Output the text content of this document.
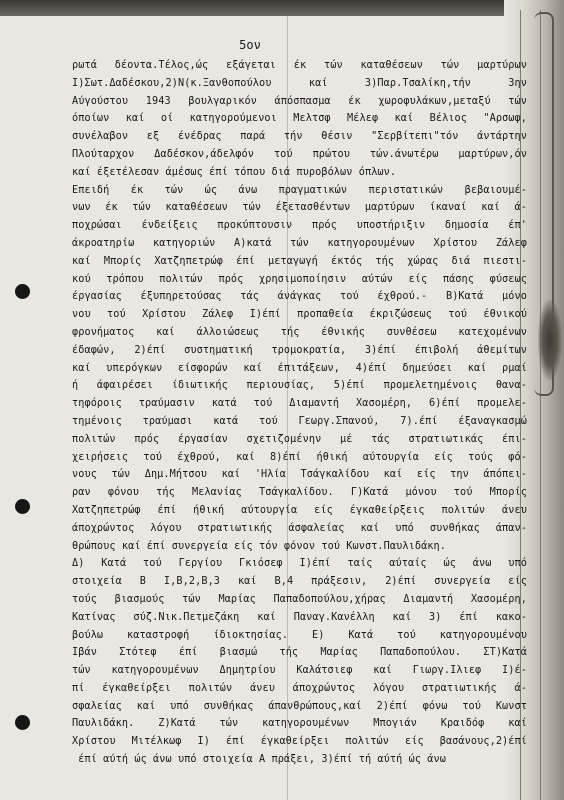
5ον
ρωτά δέοντα.Τέλος,ώς εξάγεται έκ τών καταθέσεων τών μαρτύρων
Ι)Σωτ.Δαδέσκου,2)Ν(κ.Ξανθοπούλου καί 3)Παρ.Τσαλίκη,τήν 3ην
Αύγούστου 1943 βουλγαρικόν άπόσπασμα έκ χωροφυλάκων,μεταξύ τών
όποίων καί οί κατηγορούμενοι Μελτσφ Μέλεφ καί Βέλιος "Αρσωφ,
συνέλαβον εξ ένέδρας παρά τήν θέσιν "Σερβίτεπι"τόν άντάρτην
Πλούταρχον Δαδέσκον,άδελφόν τού πρώτου τών.άνωτέρω μαρτύρων,όν
καί έξετέλεσαν άμέσως έπί τόπου διά πυροβόλων όπλων.
Επειδή έκ τών ώς άνω πραγματικών περιστατικών βεβαιουμέ-
νων έκ τών καταθέσεων τών έξετασθέντων μαρτύρων ίκαναί καί ά-
ποχρώσαι ένδείξεις προκύπτουσιν πρός υποστήριξιν δημοσία έπ'
άκροατηρίω κατηγοριών Α)κατά τών κατηγορουμένων Χρίστου Ζάλεφ
καί Μπορίς Χατζηπετρώφ έπί μεταγωγή έκτός τής χώρας διά πιεστι-
κού τρόπου πολιτών πρός χρησιμοποίησιν αύτών είς πάσης φύσεως
έργασίας έξυπηρετούσας τάς άνάγκας τού έχθρού.- Β)Κατά μόνο
νου τού Χρίστου Ζάλεφ Ι)έπί προπαθεία έκριζώσεως τού έθνικού
φρονήματος καί άλλοιώσεως τής έθνικής συνθέσεω κατεχομένων
έδαφών, 2)έπί συστηματική τρομοκρατία, 3)έπί έπιβολή άθεμίτων
καί υπερόγκων είσφορών καί έπιτάξεων, 4)έπί δημεύσει καί ρμαί
ή άφαιρέσει ίδιωτικής περιουσίας, 5)έπί προμελετημένοις θανα-
τηφόροις τραύμασιν κατά τού Διαμαντή Χασομέρη, 6)έπί προμελε-
τημένοις τραύμασι κατά τού Γεωργ.Σπανού, 7).έπί έξαναγκασμώ
πολιτών πρός έργασίαν σχετιζομένην μέ τάς στρατιωτικάς έπι-
χειρήσεις τού έχθρού, καί 8)έπί ήθική αύτουργία είς τούς φό-
νους τών Δημ.Μήτσου καί 'Ηλία Τσάγκαλίδου καί είς την άπόπει-
ραν φόνου τής Μελανίας Τσάγκαλίδου. Γ)Κατά μόνου τού Μπορίς
Χατζηπετρώφ έπί ήθική αύτουργία είς έγκαθείρξεις πολιτών άνευ
άποχρώντος λόγου στρατιωτικής άσφαλείας καί υπό συνθήκας άπαν-
θρώπους καί έπί συνεργεία είς τόν φόνον τού Κωνστ.Παυλιδάκη.
Δ) Κατά τού Γεργίου Γκιόσεφ Ι)έπί ταίς αύταίς ώς άνω υπό
στοιχεία Β Ι,Β,2,Β,3 καί Β,4 πράξεσιν, 2)έπί συνεργεία είς
τούς βιασμούς τών Μαρίας Παπαδοπούλου,χήρας Διαμαντή Χασομέρη,
Κατίνας σύζ.Νικ.Πετμεζάκη καί Παναγ.Κανέλλη καί 3) έπί κακο-
βούλω καταστροφή ίδιοκτησίας. Ε) Κατά τού κατηγορουμένου
Ιβάν Στότεφ έπί βιασμώ τής Μαρίας Παπαδοπούλου. ΣΤ)Κατά
τών κατηγορουμένων Δημητρίου Καλάτσιεφ καί Γιωργ.Ιλιεφ Ι)έ-
πί έγκαθείρξει πολιτών άνευ άποχρώντος λόγου στρατιωτικής ά-
σφαλείας καί υπό συνθήκας άπανθρώπους,καί 2)έπί φόνω τού Κωνστ
Παυλιδάκη. Ζ)Κατά τών κατηγορουμένων Μπογιάν Κραιδόφ καί
Χρίστου Μιτέλκωφ Ι) έπί έγκαθείρξει πολιτών είς βασάνους,2)έπί
έπί αύτή ώς άνω υπό στοιχεία Α πράξει, 3)έπί τή αύτή ώς άνω
